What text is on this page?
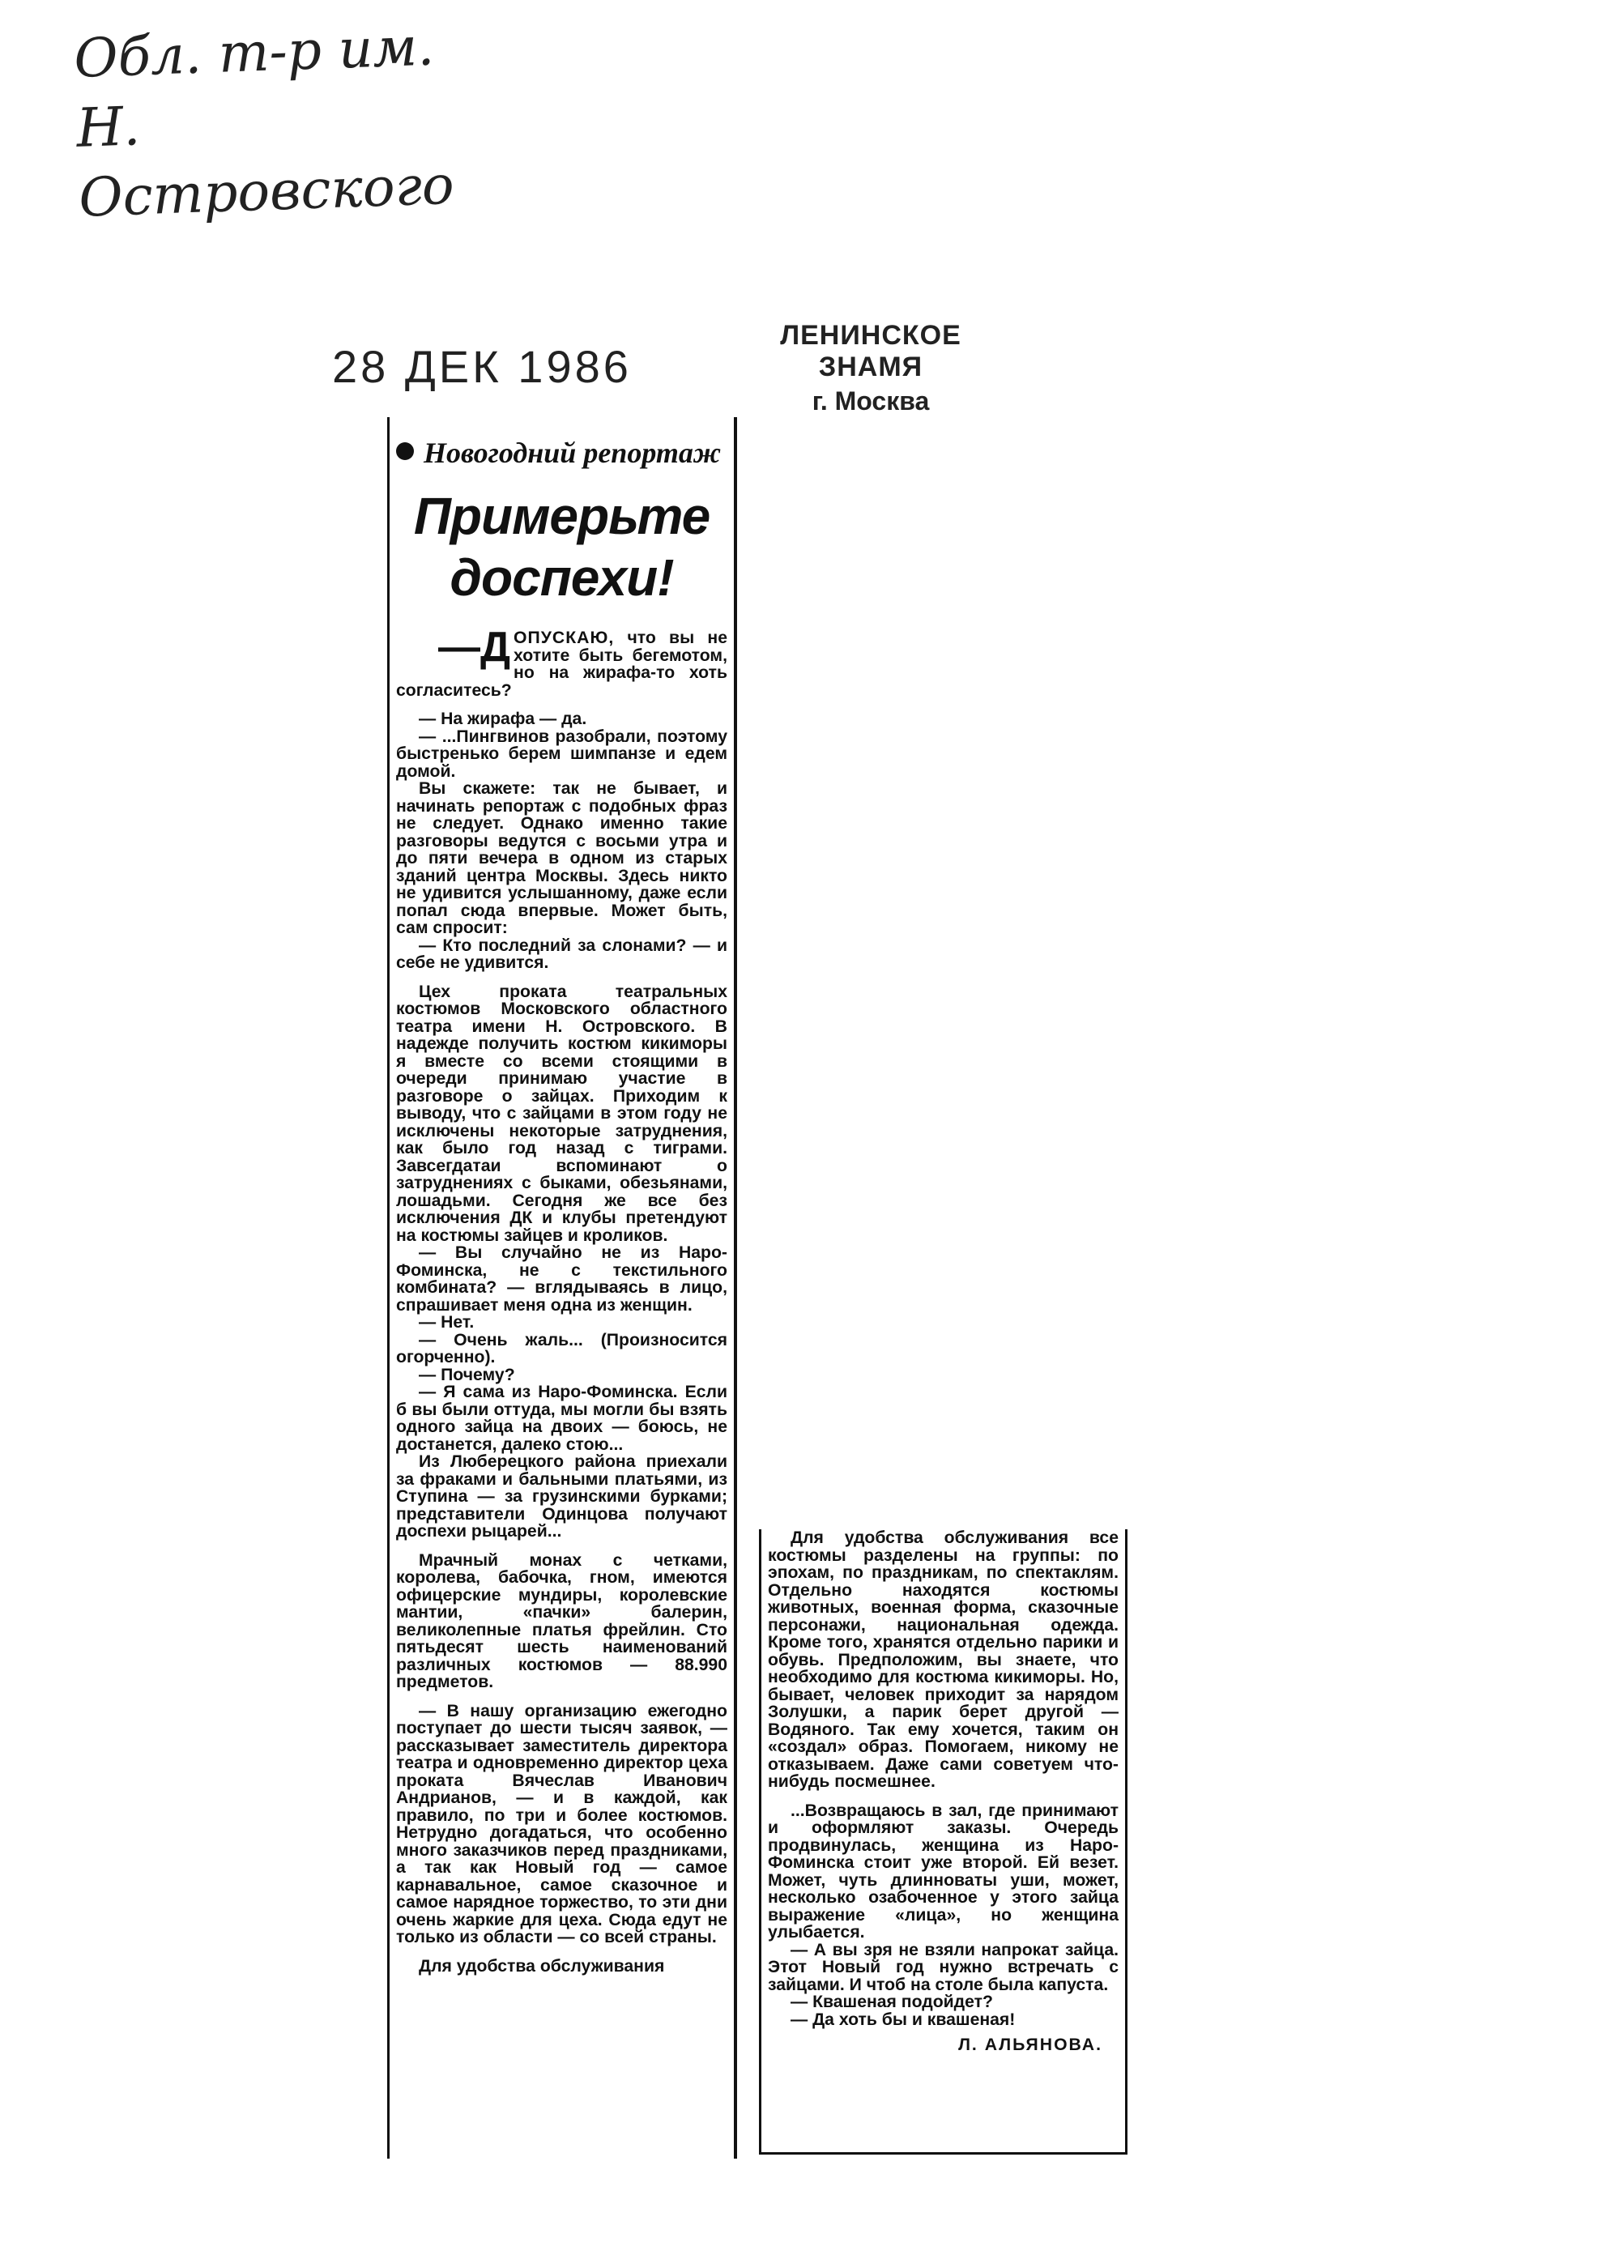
Обл. т-р им.
Н. Островского
28 ДЕК 1986
ЛЕНИНСКОЕ ЗНАМЯ
г. Москва
Новогодний репортаж
Примерьте доспехи!

—Д ОПУСКАЮ, что вы не хотите быть бегемотом, но на жирафа-то хоть согласитесь?

— На жирафа — да.

— ...Пингвинов разобрали, поэтому быстренько берем шимпанзе и едем домой.

Вы скажете: так не бывает, и начинать репортаж с подобных фраз не следует. Однако именно такие разговоры ведутся с восьми утра и до пяти вечера в одном из старых зданий центра Москвы. Здесь никто не удивится услышанному, даже если попал сюда впервые. Может быть, сам спросит:

— Кто последний за слонами? — и себе не удивится.

Цех проката театральных костюмов Московского областного театра имени Н. Островского. В надежде получить костюм кикиморы я вместе со всеми стоящими в очереди принимаю участие в разговоре о зайцах. Приходим к выводу, что с зайцами в этом году не исключены некоторые затруднения, как было год назад с тиграми. Завсегдатаи вспоминают о затруднениях с быками, обезьянами, лошадьми. Сегодня же все без исключения ДК и клубы претендуют на костюмы зайцев и кроликов.

— Вы случайно не из Наро-Фоминска, не с текстильного комбината? — вглядываясь в лицо, спрашивает меня одна из женщин.

— Нет.

— Очень жаль... (Произносится огорченно).

— Почему?

— Я сама из Наро-Фоминска. Если б вы были оттуда, мы могли бы взять одного зайца на двоих — боюсь, не достанется, далеко стою...

Из Люберецкого района приехали за фраками и бальными платьями, из Ступина — за грузинскими бурками; представители Одинцова получают доспехи рыцарей...

Мрачный монах с четками, королева, бабочка, гном, имеются офицерские мундиры, королевские мантии, «пачки» балерин, великолепные платья фрейлин. Сто пятьдесят шесть наименований различных костюмов — 88.990 предметов.

— В нашу организацию ежегодно поступает до шести тысяч заявок, — рассказывает заместитель директора театра и одновременно директор цеха проката Вячеслав Иванович Андрианов, — и в каждой, как правило, по три и более костюмов. Нетрудно догадаться, что особенно много заказчиков перед праздниками, а так как Новый год — самое карнавальное, самое сказочное и самое нарядное торжество, то эти дни очень жаркие для цеха. Сюда едут не только из области — со всей страны.

Для удобства обслуживания

Для удобства обслуживания все костюмы разделены на группы: по эпохам, по праздникам, по спектаклям. Отдельно находятся костюмы животных, военная форма, сказочные персонажи, национальная одежда. Кроме того, хранятся отдельно парики и обувь. Предположим, вы знаете, что необходимо для костюма кикиморы. Но, бывает, человек приходит за нарядом Золушки, а парик берет другой — Водяного. Так ему хочется, таким он «создал» образ. Помогаем, никому не отказываем. Даже сами советуем что-нибудь посмешнее.

...Возвращаюсь в зал, где принимают и оформляют заказы. Очередь продвинулась, женщина из Наро-Фоминска стоит уже второй. Ей везет. Может, чуть длинноваты уши, может, несколько озабоченное у этого зайца выражение «лица», но женщина улыбается.

— А вы зря не взяли напрокат зайца. Этот Новый год нужно встречать с зайцами. И чтоб на столе была капуста.

— Квашеная подойдет?

— Да хоть бы и квашеная!

Л. АЛЬЯНОВА.
